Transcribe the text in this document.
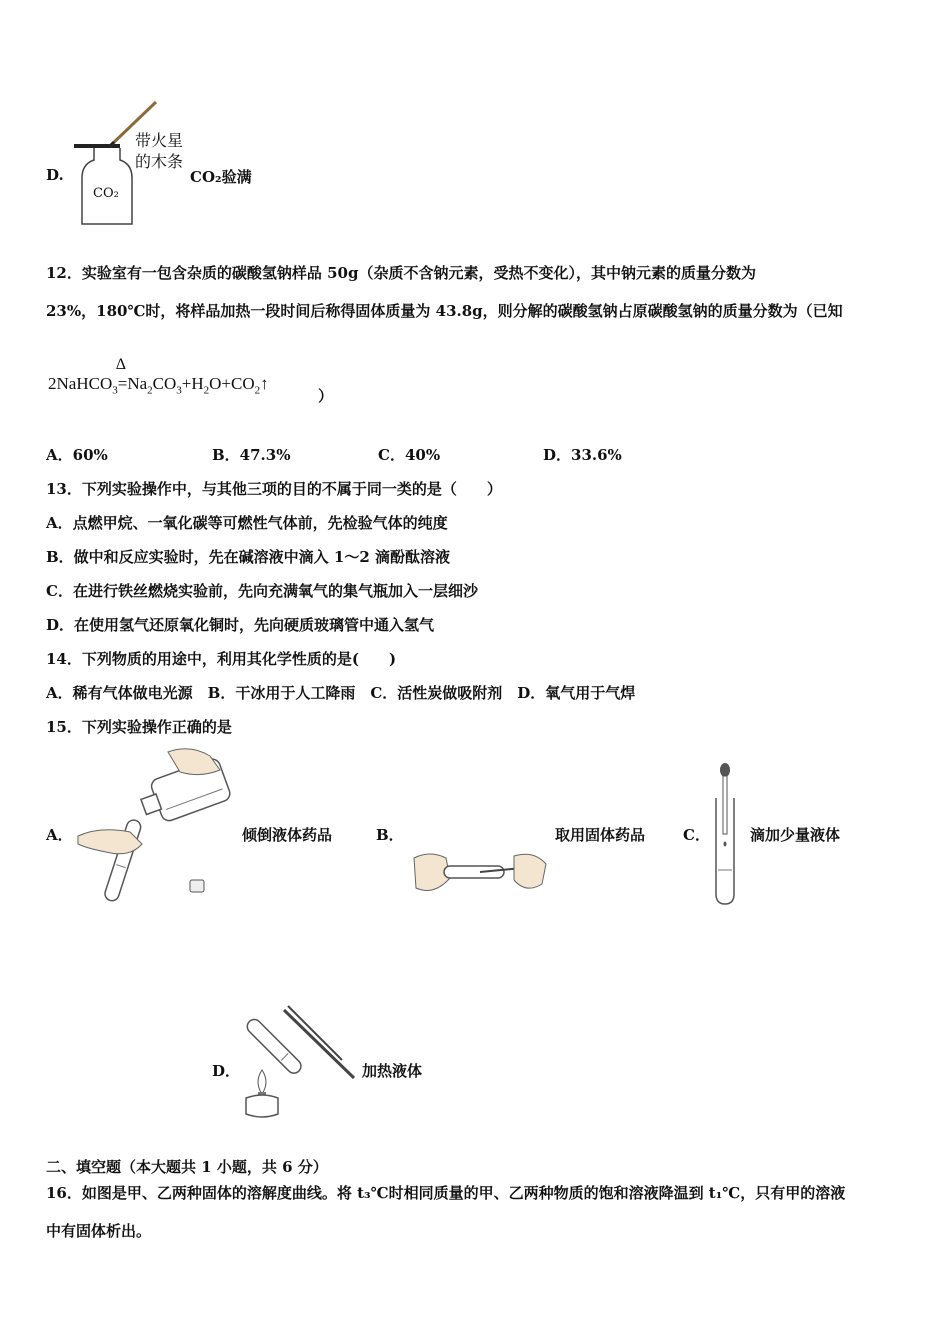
D.
CO₂
带火星
的木条
CO₂验满
12．实验室有一包含杂质的碳酸氢钠样品 50g（杂质不含钠元素，受热不变化），其中钠元素的质量分数为
23%，180℃时，将样品加热一段时间后称得固体质量为 43.8g，则分解的碳酸氢钠占原碳酸氢钠的质量分数为（已知
2NaHCO$_3$=
Δ
$Na_2CO_3+H_2O+CO_2↑$
）
A．60%	B．47.3%	C．40%	D．33.6%
13．下列实验操作中，与其他三项的目的不属于同一类的是（　　）
A．点燃甲烷、一氧化碳等可燃性气体前，先检验气体的纯度
B．做中和反应实验时，先在碱溶液中滴入 1～2 滴酚酞溶液
C．在进行铁丝燃烧实验前，先向充满氧气的集气瓶加入一层细沙
D．在使用氢气还原氧化铜时，先向硬质玻璃管中通入氢气
14．下列物质的用途中，利用其化学性质的是(　　)
A．稀有气体做电光源　B．干冰用于人工降雨　C．活性炭做吸附剂　D．氧气用于气焊
15．下列实验操作正确的是
A．	倾倒液体药品	B．	取用固体药品	C．	滴加少量液体
D．	加热液体
二、填空题（本大题共 1 小题，共 6 分）
16．如图是甲、乙两种固体的溶解度曲线。将 t₃℃时相同质量的甲、乙两种物质的饱和溶液降温到 t₁℃，只有甲的溶液
中有固体析出。
